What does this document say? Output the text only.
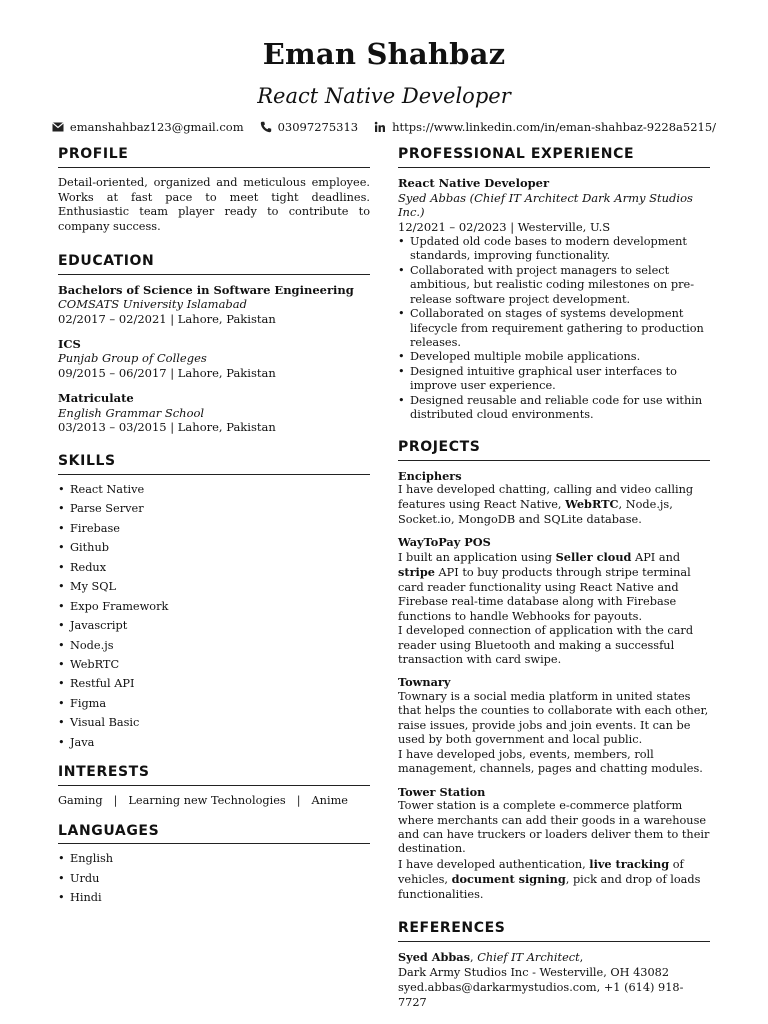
Eman Shahbaz
React Native Developer
emanshahbaz123@gmail.com	03097275313	https://www.linkedin.com/in/eman-shahbaz-9228a5215/
PROFILE

Detail-oriented, organized and meticulous employee. Works at fast pace to meet tight deadlines. Enthusiastic team player ready to contribute to company success.

EDUCATION
Bachelors of Science in Software Engineering
COMSATS University Islamabad
02/2017 – 02/2021 | Lahore, Pakistan
ICS
Punjab Group of Colleges
09/2015 – 06/2017 | Lahore, Pakistan
Matriculate
English Grammar School
03/2013 – 03/2015 | Lahore, Pakistan
SKILLS
• React Native
• Parse Server
• Firebase
• Github
• Redux
• My SQL
• Expo Framework
• Javascript
• Node.js
• WebRTC
• Restful API
• Figma
• Visual Basic
• Java
INTERESTS
Gaming | Learning new Technologies | Anime
LANGUAGES
• English
• Urdu
• Hindi
PROFESSIONAL EXPERIENCE
React Native Developer
Syed Abbas (Chief IT Architect Dark Army Studios Inc.)
12/2021 – 02/2023 | Westerville, U.S
• Updated old code bases to modern development standards, improving functionality.
• Collaborated with project managers to select ambitious, but realistic coding milestones on pre-release software project development.
• Collaborated on stages of systems development lifecycle from requirement gathering to production releases.
• Developed multiple mobile applications.
• Designed intuitive graphical user interfaces to improve user experience.
• Designed reusable and reliable code for use within distributed cloud environments.
PROJECTS
Enciphers

I have developed chatting, calling and video calling features using React Native, WebRTC, Node.js, Socket.io, MongoDB and SQLite database.

WayToPay POS

I built an application using Seller cloud API and stripe API to buy products through stripe terminal card reader functionality using React Native and Firebase real-time database along with Firebase functions to handle Webhooks for payouts.

I developed connection of application with the card reader using Bluetooth and making a successful transaction with card swipe.

Townary

Townary is a social media platform in united states that helps the counties to collaborate with each other, raise issues, provide jobs and join events. It can be used by both government and local public.

I have developed jobs, events, members, roll management, channels, pages and chatting modules.

Tower Station

Tower station is a complete e-commerce platform where merchants can add their goods in a warehouse and can have truckers or loaders deliver them to their destination.

I have developed authentication, live tracking of vehicles, document signing, pick and drop of loads functionalities.

REFERENCES
Syed Abbas, Chief IT Architect,
Dark Army Studios Inc - Westerville, OH 43082
syed.abbas@darkarmystudios.com, +1 (614) 918-7727
